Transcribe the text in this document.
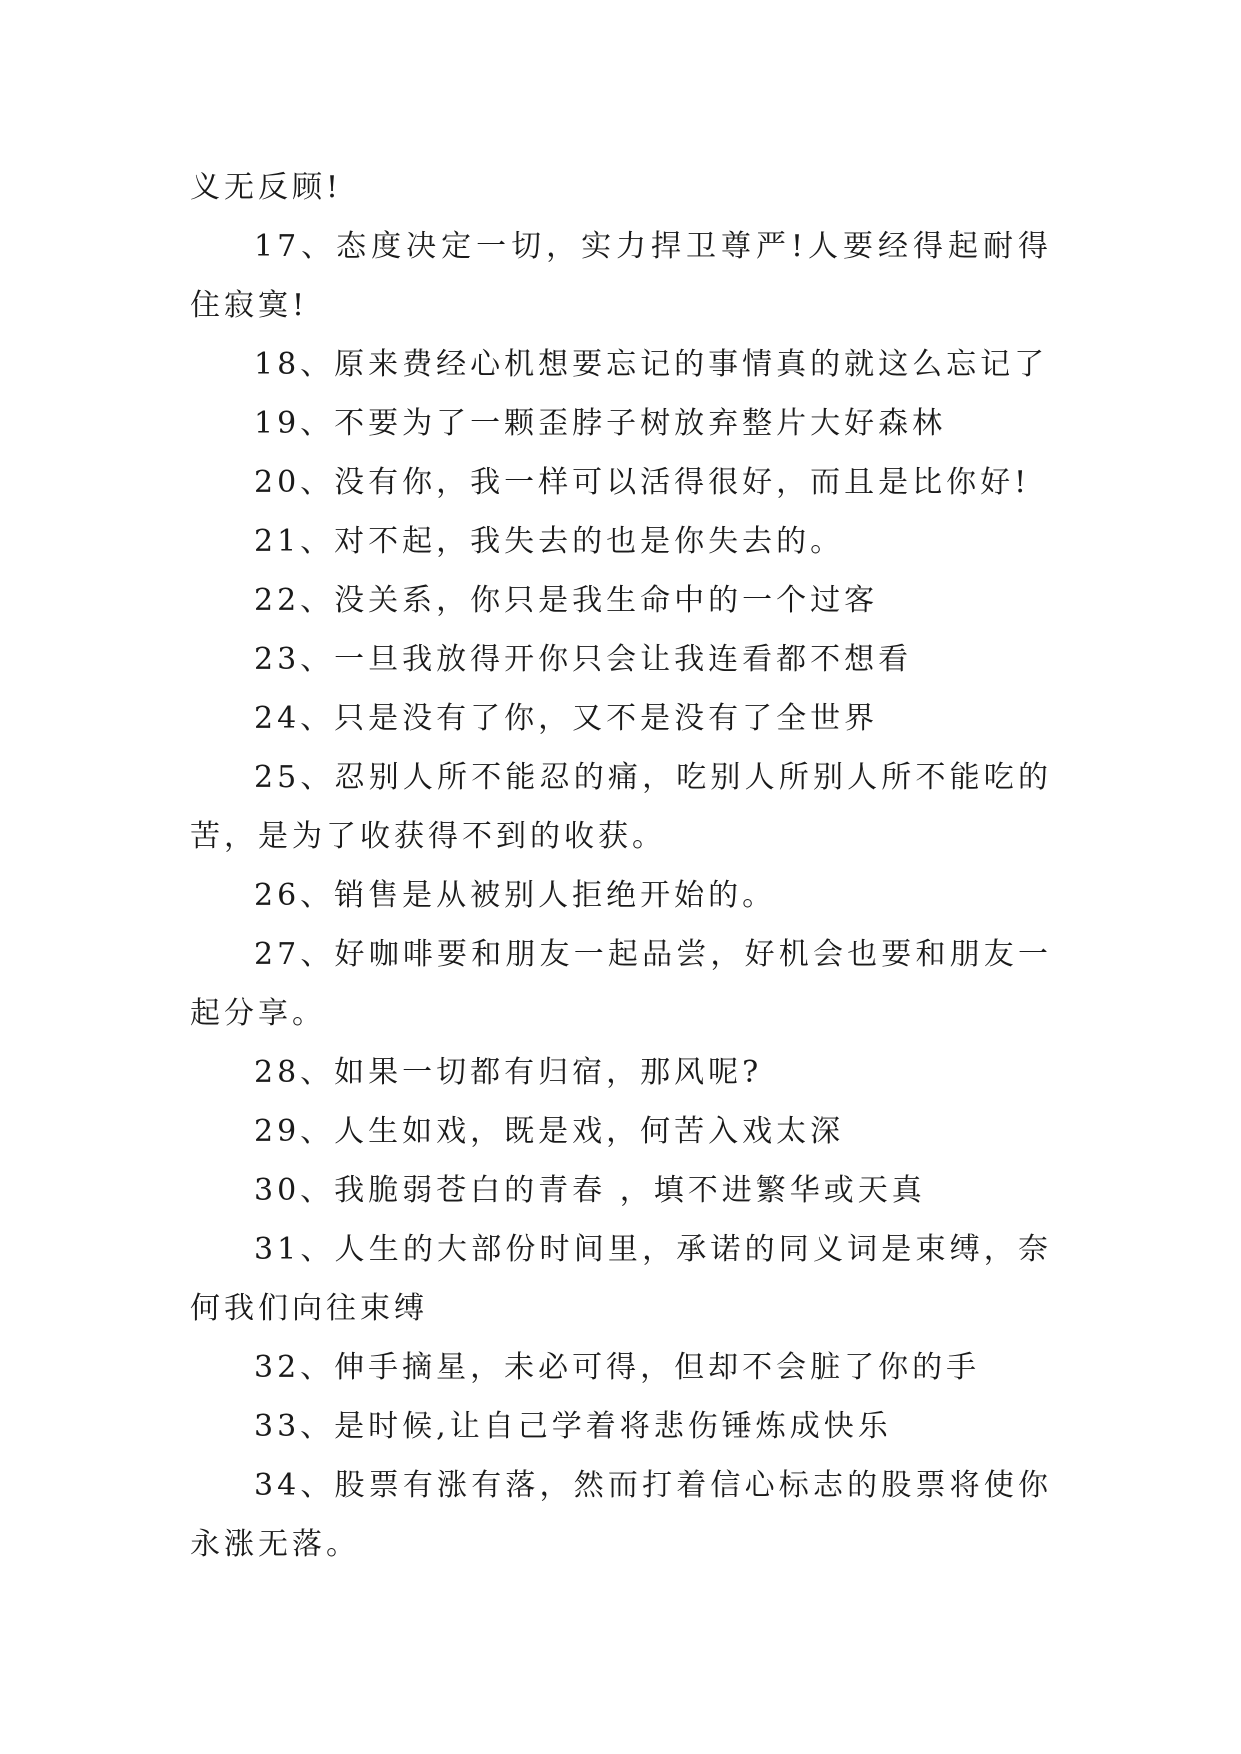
义无反顾!

17、态度决定一切，实力捍卫尊严!人要经得起耐得住寂寞!

18、原来费经心机想要忘记的事情真的就这么忘记了

19、不要为了一颗歪脖子树放弃整片大好森林

20、没有你，我一样可以活得很好，而且是比你好!

21、对不起，我失去的也是你失去的。

22、没关系，你只是我生命中的一个过客

23、一旦我放得开你只会让我连看都不想看

24、只是没有了你，又不是没有了全世界

25、忍别人所不能忍的痛，吃别人所别人所不能吃的苦，是为了收获得不到的收获。

26、销售是从被别人拒绝开始的。

27、好咖啡要和朋友一起品尝，好机会也要和朋友一起分享。

28、如果一切都有归宿，那风呢?

29、人生如戏，既是戏，何苦入戏太深

30、我脆弱苍白的青春 ，填不进繁华或天真

31、人生的大部份时间里，承诺的同义词是束缚，奈何我们向往束缚

32、伸手摘星，未必可得，但却不会脏了你的手

33、是时候,让自己学着将悲伤锤炼成快乐

34、股票有涨有落，然而打着信心标志的股票将使你永涨无落。
